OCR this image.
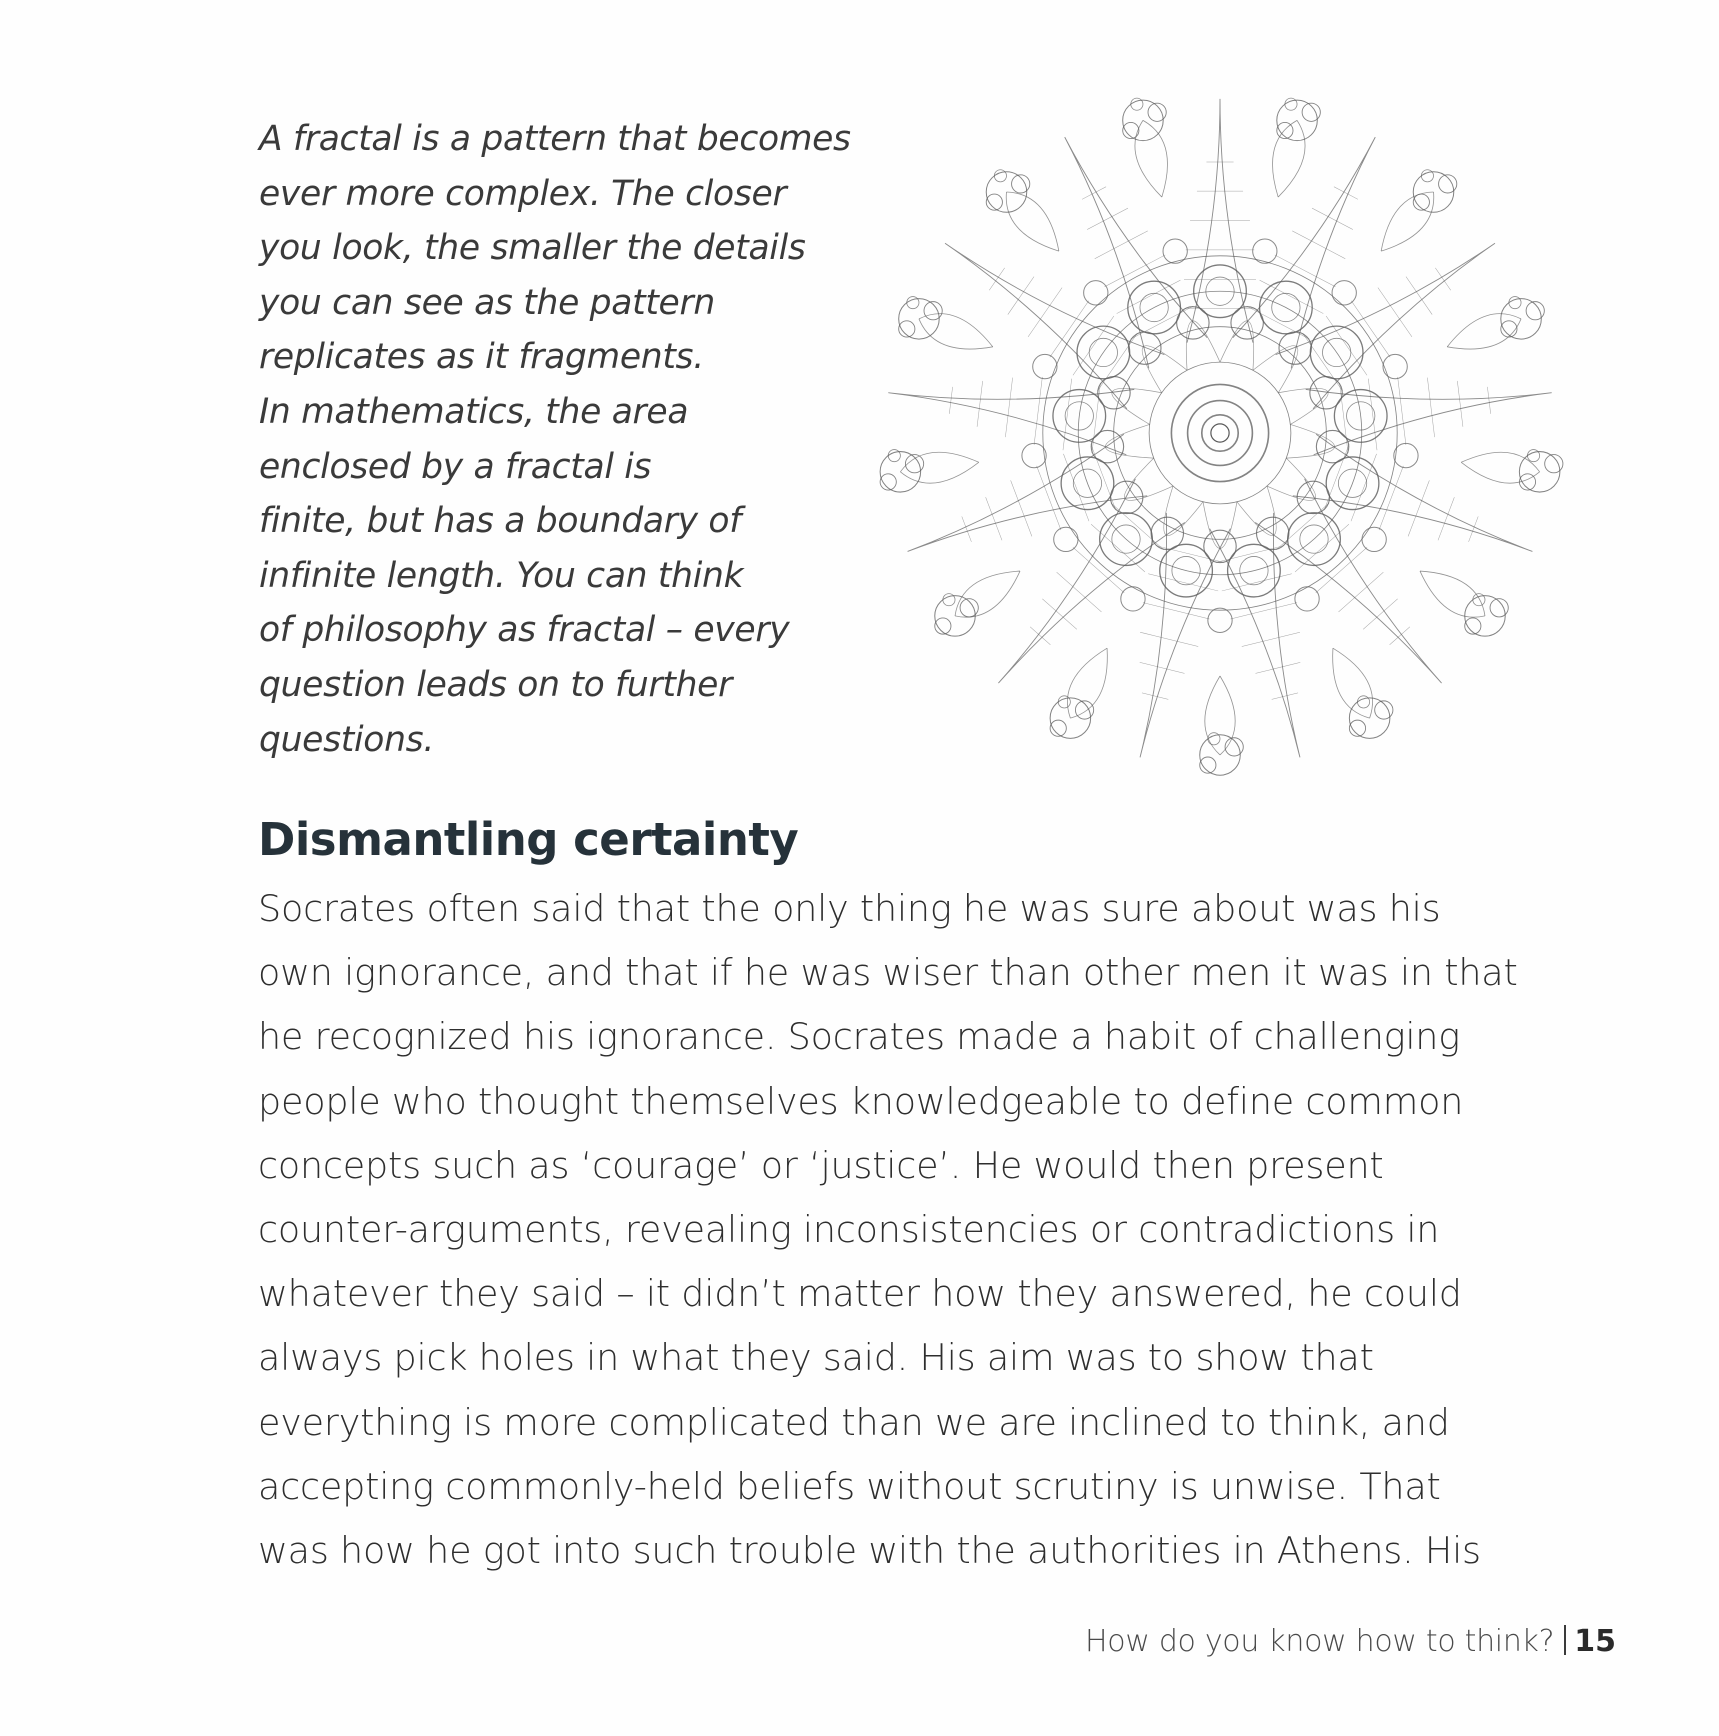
A fractal is a pattern that becomes
ever more complex. The closer
you look, the smaller the details
you can see as the pattern
replicates as it fragments.
In mathematics, the area
enclosed by a fractal is
finite, but has a boundary of
infinite length. You can think
of philosophy as fractal – every
question leads on to further
questions.
Dismantling certainty
Socrates often said that the only thing he was sure about was his
own ignorance, and that if he was wiser than other men it was in that
he recognized his ignorance. Socrates made a habit of challenging
people who thought themselves knowledgeable to define common
concepts such as ‘courage’ or ‘justice’. He would then present
counter-arguments, revealing inconsistencies or contradictions in
whatever they said – it didn’t matter how they answered, he could
always pick holes in what they said. His aim was to show that
everything is more complicated than we are inclined to think, and
accepting commonly-held beliefs without scrutiny is unwise. That
was how he got into such trouble with the authorities in Athens. His
How do you know how to think? 15
